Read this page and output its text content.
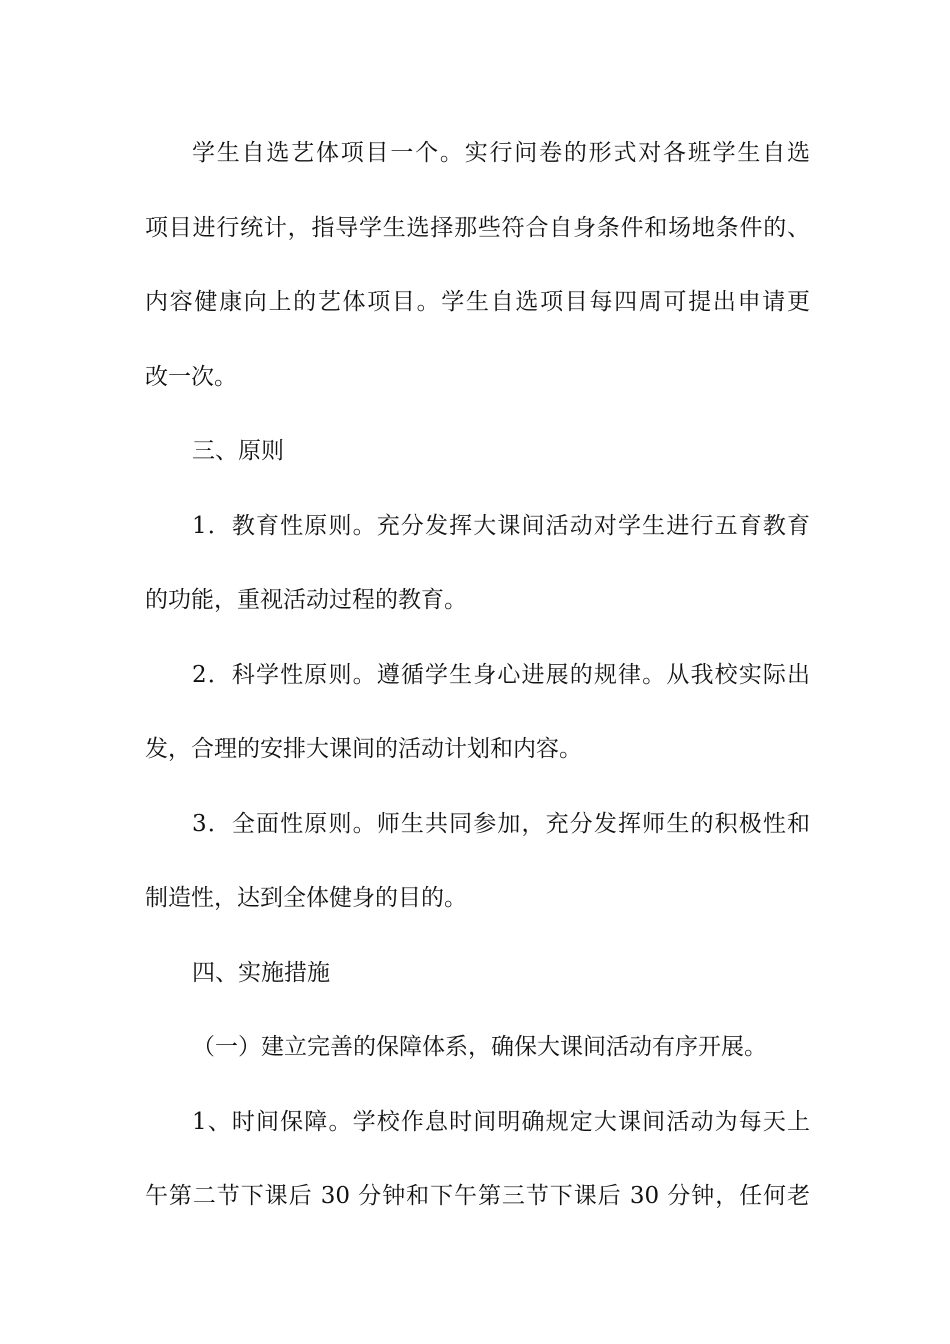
学生自选艺体项目一个。实行问卷的形式对各班学生自选
项目进行统计，指导学生选择那些符合自身条件和场地条件的、
内容健康向上的艺体项目。学生自选项目每四周可提出申请更
改一次。
三、原则
1．教育性原则。充分发挥大课间活动对学生进行五育教育
的功能，重视活动过程的教育。
2．科学性原则。遵循学生身心进展的规律。从我校实际出
发，合理的安排大课间的活动计划和内容。
3．全面性原则。师生共同参加，充分发挥师生的积极性和
制造性，达到全体健身的目的。
四、实施措施
（一）建立完善的保障体系，确保大课间活动有序开展。
1、时间保障。学校作息时间明确规定大课间活动为每天上
午第二节下课后 30 分钟和下午第三节下课后 30 分钟，任何老
